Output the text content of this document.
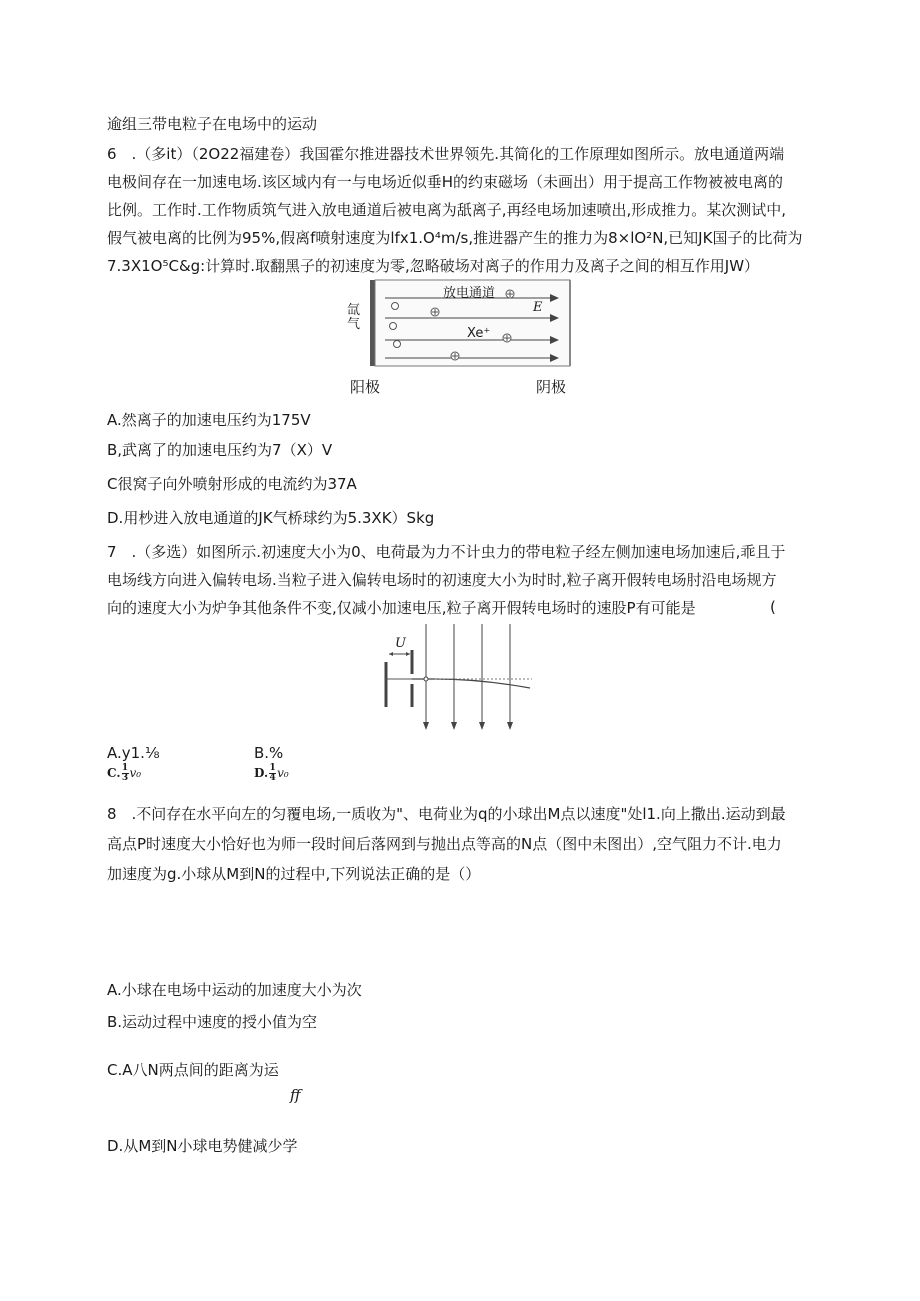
逾组三带电粒子在电场中的运动
6　.（多it）（2O22福建卷）我国霍尔推进器技术世界领先.其简化的工作原理如图所示。放电通道两端
电极间存在一加速电场.该区域内有一与电场近似垂H的约束磁场（未画出）用于提高工作物被被电离的
比例。工作时.工作物质筑气进入放电通道后被电离为舐离子,再经电场加速喷出,形成推力。某次测试中,
假气被电离的比例为95%,假离f喷射速度为lfx1.O⁴m/s,推进器产生的推力为8×lO²N,已知JK国子的比荷为
7.3X1O⁵C&g:计算时.取翻黑子的初速度为零,忽略破场对离子的作用力及离子之间的相互作用JW）
氙气
放电通道
E
Xe⁺
阳极	阴极
A.然离子的加速电压约为175V
B,武离了的加速电压约为7（X）V
C很窝子向外喷射形成的电流约为37A
D.用杪进入放电通道的JK气桥球约为5.3XK）Skg
7　.（多选）如图所示.初速度大小为0、电荷最为力不计虫力的带电粒子经左侧加速电场加速后,乖且于
电场线方向进入偏转电场.当粒子进入偏转电场时的初速度大小为时时,粒子离开假转电场肘沿电场规方
向的速度大小为炉争其他条件不变,仅减小加速电压,粒子离开假转电场时的速股P有可能是	(
U
A.y1.⅛	B.%
C. $\frac{1}{3} v_0$	D. $\frac{1}{4} v_0$
8　.不问存在水平向左的匀覆电场,一质收为"、电荷业为q的小球出M点以速度"处l1.向上撒出.运动到最
高点P时速度大小恰好也为师一段时间后落网到与抛出点等高的N点（图中未图出）,空气阻力不计.电力
加速度为g.小球从M到N的过程中,下列说法正确的是（）
A.小球在电场中运动的加速度大小为次
B.运动过程中速度的授小值为空
C.A八N两点间的距离为运
ff
D.从M到N小球电势健减少学
